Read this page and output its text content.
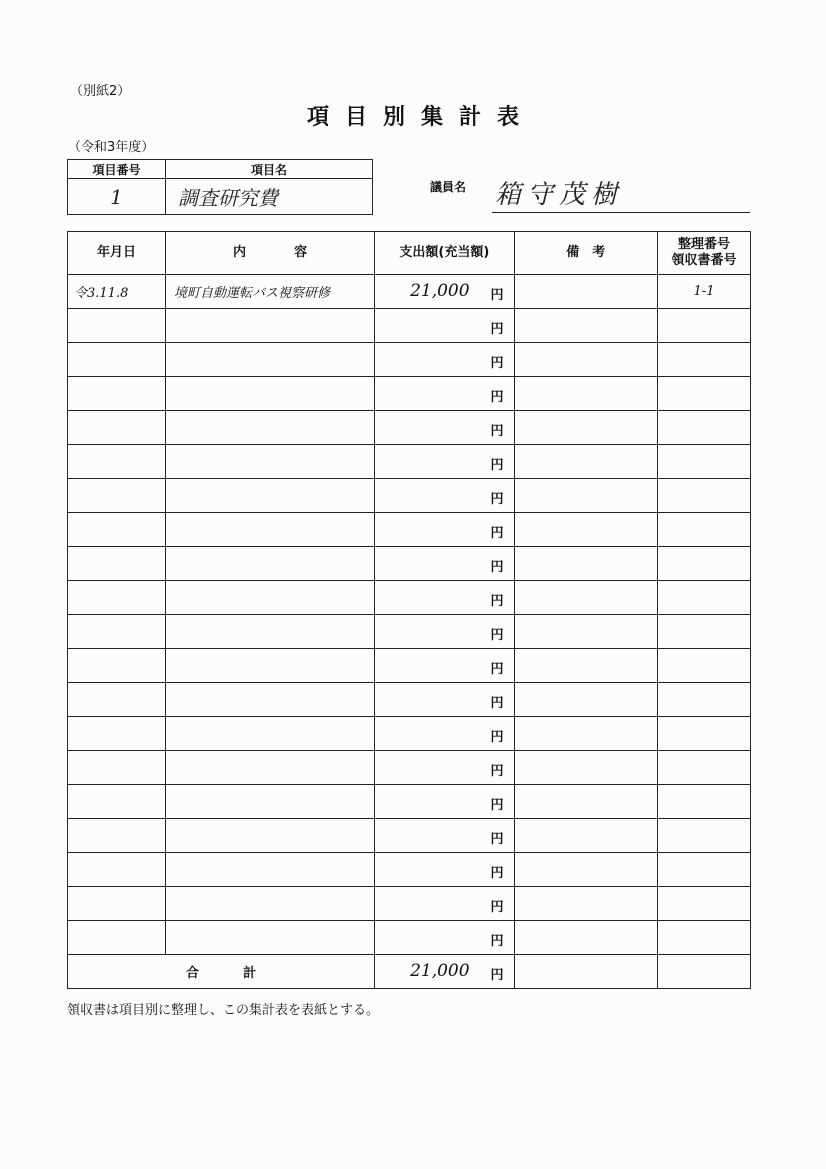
（別紙2）
項目別集計表
（令和3年度）
項目番号	項目名
1	調査研究費	議員名 箱守茂樹
年月日	内 容	支出額(充当額)	備　考	整理番号
領収書番号

令3.11.8	境町自動運転バス視察研修	21,000 円		1-1

		円		

		円		

		円		

		円		

		円		

		円		

		円		

		円		

		円		

		円		

		円		

		円		

		円		

		円		

		円		

		円		

		円		

		円		

		円		

合 計		21,000 円		

領収書は項目別に整理し、この集計表を表紙とする。
